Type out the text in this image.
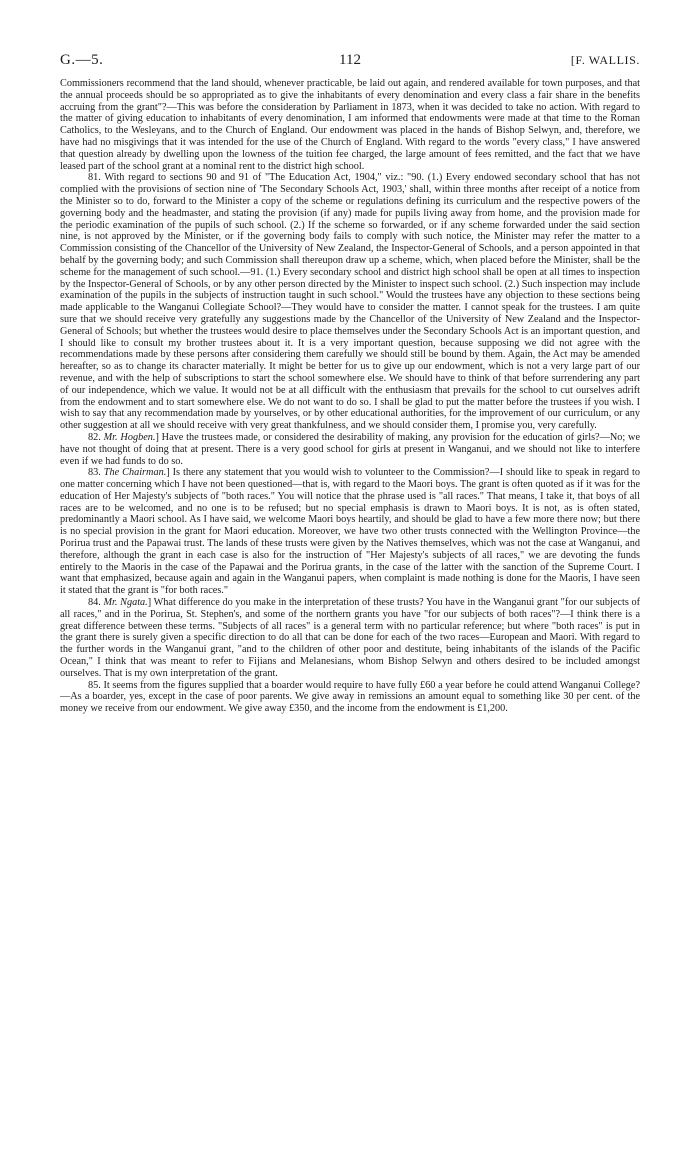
G.—5.	112	[F. WALLIS.

Commissioners recommend that the land should, whenever practicable, be laid out again, and rendered available for town purposes, and that the annual proceeds should be so appropriated as to give the inhabitants of every denomination and every class a fair share in the benefits accruing from the grant"?—This was before the consideration by Parliament in 1873, when it was decided to take no action. With regard to the matter of giving education to inhabitants of every denomination, I am informed that endowments were made at that time to the Roman Catholics, to the Wesleyans, and to the Church of England. Our endowment was placed in the hands of Bishop Selwyn, and, therefore, we have had no misgivings that it was intended for the use of the Church of England. With regard to the words "every class," I have answered that question already by dwelling upon the lowness of the tuition fee charged, the large amount of fees remitted, and the fact that we have leased part of the school grant at a nominal rent to the district high school.

81. With regard to sections 90 and 91 of "The Education Act, 1904," viz.: "90. (1.) Every endowed secondary school that has not complied with the provisions of section nine of 'The Secondary Schools Act, 1903,' shall, within three months after receipt of a notice from the Minister so to do, forward to the Minister a copy of the scheme or regulations defining its curriculum and the respective powers of the governing body and the headmaster, and stating the provision (if any) made for pupils living away from home, and the provision made for the periodic examination of the pupils of such school. (2.) If the scheme so forwarded, or if any scheme forwarded under the said section nine, is not approved by the Minister, or if the governing body fails to comply with such notice, the Minister may refer the matter to a Commission consisting of the Chancellor of the University of New Zealand, the Inspector-General of Schools, and a person appointed in that behalf by the governing body; and such Commission shall thereupon draw up a scheme, which, when placed before the Minister, shall be the scheme for the management of such school.—91. (1.) Every secondary school and district high school shall be open at all times to inspection by the Inspector-General of Schools, or by any other person directed by the Minister to inspect such school. (2.) Such inspection may include examination of the pupils in the subjects of instruction taught in such school." Would the trustees have any objection to these sections being made applicable to the Wanganui Collegiate School?—They would have to consider the matter. I cannot speak for the trustees. I am quite sure that we should receive very gratefully any suggestions made by the Chancellor of the University of New Zealand and the Inspector-General of Schools; but whether the trustees would desire to place themselves under the Secondary Schools Act is an important question, and I should like to consult my brother trustees about it. It is a very important question, because supposing we did not agree with the recommendations made by these persons after considering them carefully we should still be bound by them. Again, the Act may be amended hereafter, so as to change its character materially. It might be better for us to give up our endowment, which is not a very large part of our revenue, and with the help of subscriptions to start the school somewhere else. We should have to think of that before surrendering any part of our independence, which we value. It would not be at all difficult with the enthusiasm that prevails for the school to cut ourselves adrift from the endowment and to start somewhere else. We do not want to do so. I shall be glad to put the matter before the trustees if you wish. I wish to say that any recommendation made by yourselves, or by other educational authorities, for the improvement of our curriculum, or any other suggestion at all we should receive with very great thankfulness, and we should consider them, I promise you, very carefully.

82. Mr. Hogben.] Have the trustees made, or considered the desirability of making, any provision for the education of girls?—No; we have not thought of doing that at present. There is a very good school for girls at present in Wanganui, and we should not like to interfere even if we had funds to do so.

83. The Chairman.] Is there any statement that you would wish to volunteer to the Commission?—I should like to speak in regard to one matter concerning which I have not been questioned—that is, with regard to the Maori boys. The grant is often quoted as if it was for the education of Her Majesty's subjects of "both races." You will notice that the phrase used is "all races." That means, I take it, that boys of all races are to be welcomed, and no one is to be refused; but no special emphasis is drawn to Maori boys. It is not, as is often stated, predominantly a Maori school. As I have said, we welcome Maori boys heartily, and should be glad to have a few more there now; but there is no special provision in the grant for Maori education. Moreover, we have two other trusts connected with the Wellington Province—the Porirua trust and the Papawai trust. The lands of these trusts were given by the Natives themselves, which was not the case at Wanganui, and therefore, although the grant in each case is also for the instruction of "Her Majesty's subjects of all races," we are devoting the funds entirely to the Maoris in the case of the Papawai and the Porirua grants, in the case of the latter with the sanction of the Supreme Court. I want that emphasized, because again and again in the Wanganui papers, when complaint is made nothing is done for the Maoris, I have seen it stated that the grant is "for both races."

84. Mr. Ngata.] What difference do you make in the interpretation of these trusts? You have in the Wanganui grant "for our subjects of all races," and in the Porirua, St. Stephen's, and some of the northern grants you have "for our subjects of both races"?—I think there is a great difference between these terms. "Subjects of all races" is a general term with no particular reference; but where "both races" is put in the grant there is surely given a specific direction to do all that can be done for each of the two races—European and Maori. With regard to the further words in the Wanganui grant, "and to the children of other poor and destitute, being inhabitants of the islands of the Pacific Ocean," I think that was meant to refer to Fijians and Melanesians, whom Bishop Selwyn and others desired to be included amongst ourselves. That is my own interpretation of the grant.

85. It seems from the figures supplied that a boarder would require to have fully £60 a year before he could attend Wanganui College?—As a boarder, yes, except in the case of poor parents. We give away in remissions an amount equal to something like 30 per cent. of the money we receive from our endowment. We give away £350, and the income from the endowment is £1,200.
